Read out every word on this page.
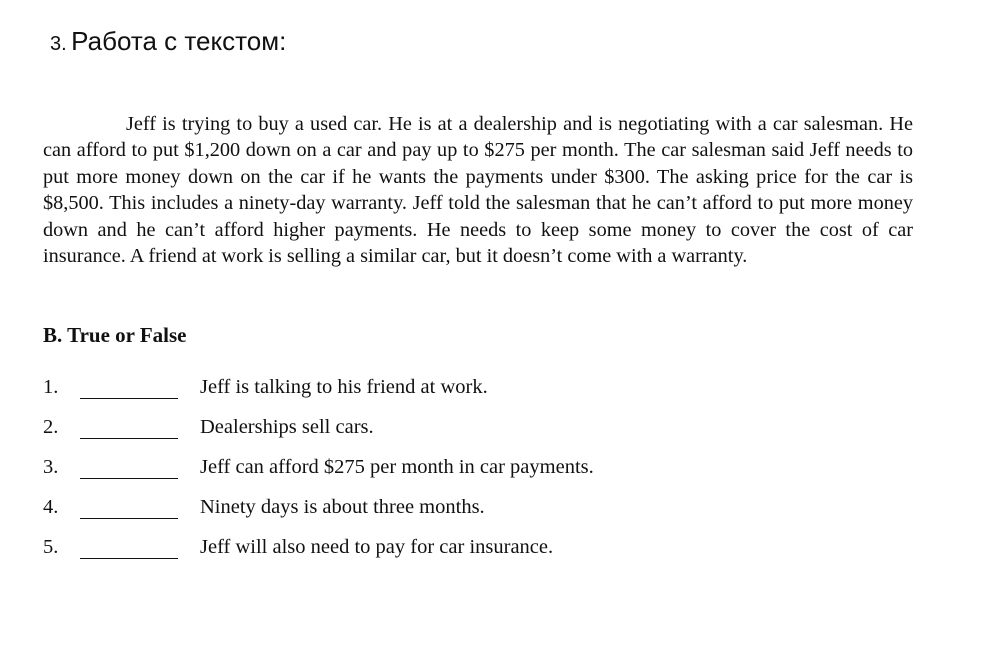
3. Работа с текстом:

Jeff is trying to buy a used car. He is at a dealership and is negotiating with a car salesman. He can afford to put $1,200 down on a car and pay up to $275 per month. The car salesman said Jeff needs to put more money down on the car if he wants the payments under $300. The asking price for the car is $8,500. This includes a ninety-day warranty. Jeff told the salesman that he can’t afford to put more money down and he can’t afford higher payments. He needs to keep some money to cover the cost of car insurance. A friend at work is selling a similar car, but it doesn’t come with a warranty.

B. True or False
1.	Jeff is talking to his friend at work.
2.	Dealerships sell cars.
3.	Jeff can afford $275 per month in car payments.
4.	Ninety days is about three months.
5.	Jeff will also need to pay for car insurance.
